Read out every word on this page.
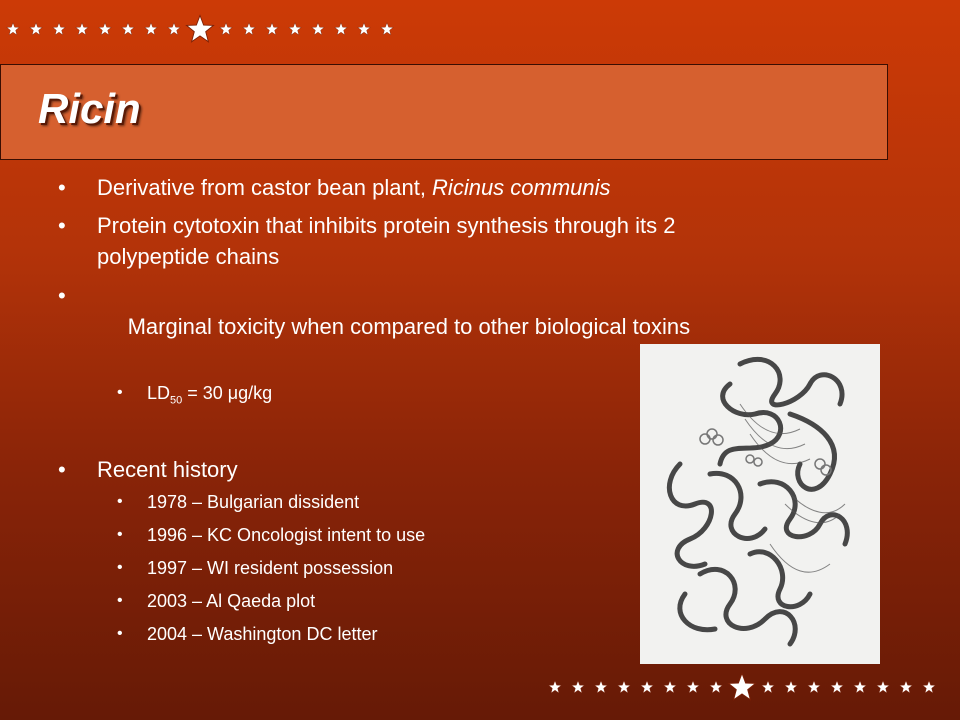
Ricin
• Derivative from castor bean plant, Ricinus communis
• Protein cytotoxin that inhibits protein synthesis through its 2
polypeptide chains

•
Marginal toxicity when compared to other biological toxins

• $LD_{50} = 30$ μg/kg
• Recent history
• 1978 – Bulgarian dissident
• 1996 – KC Oncologist intent to use
• 1997 – WI resident possession
• 2003 – Al Qaeda plot
• 2004 – Washington DC letter
